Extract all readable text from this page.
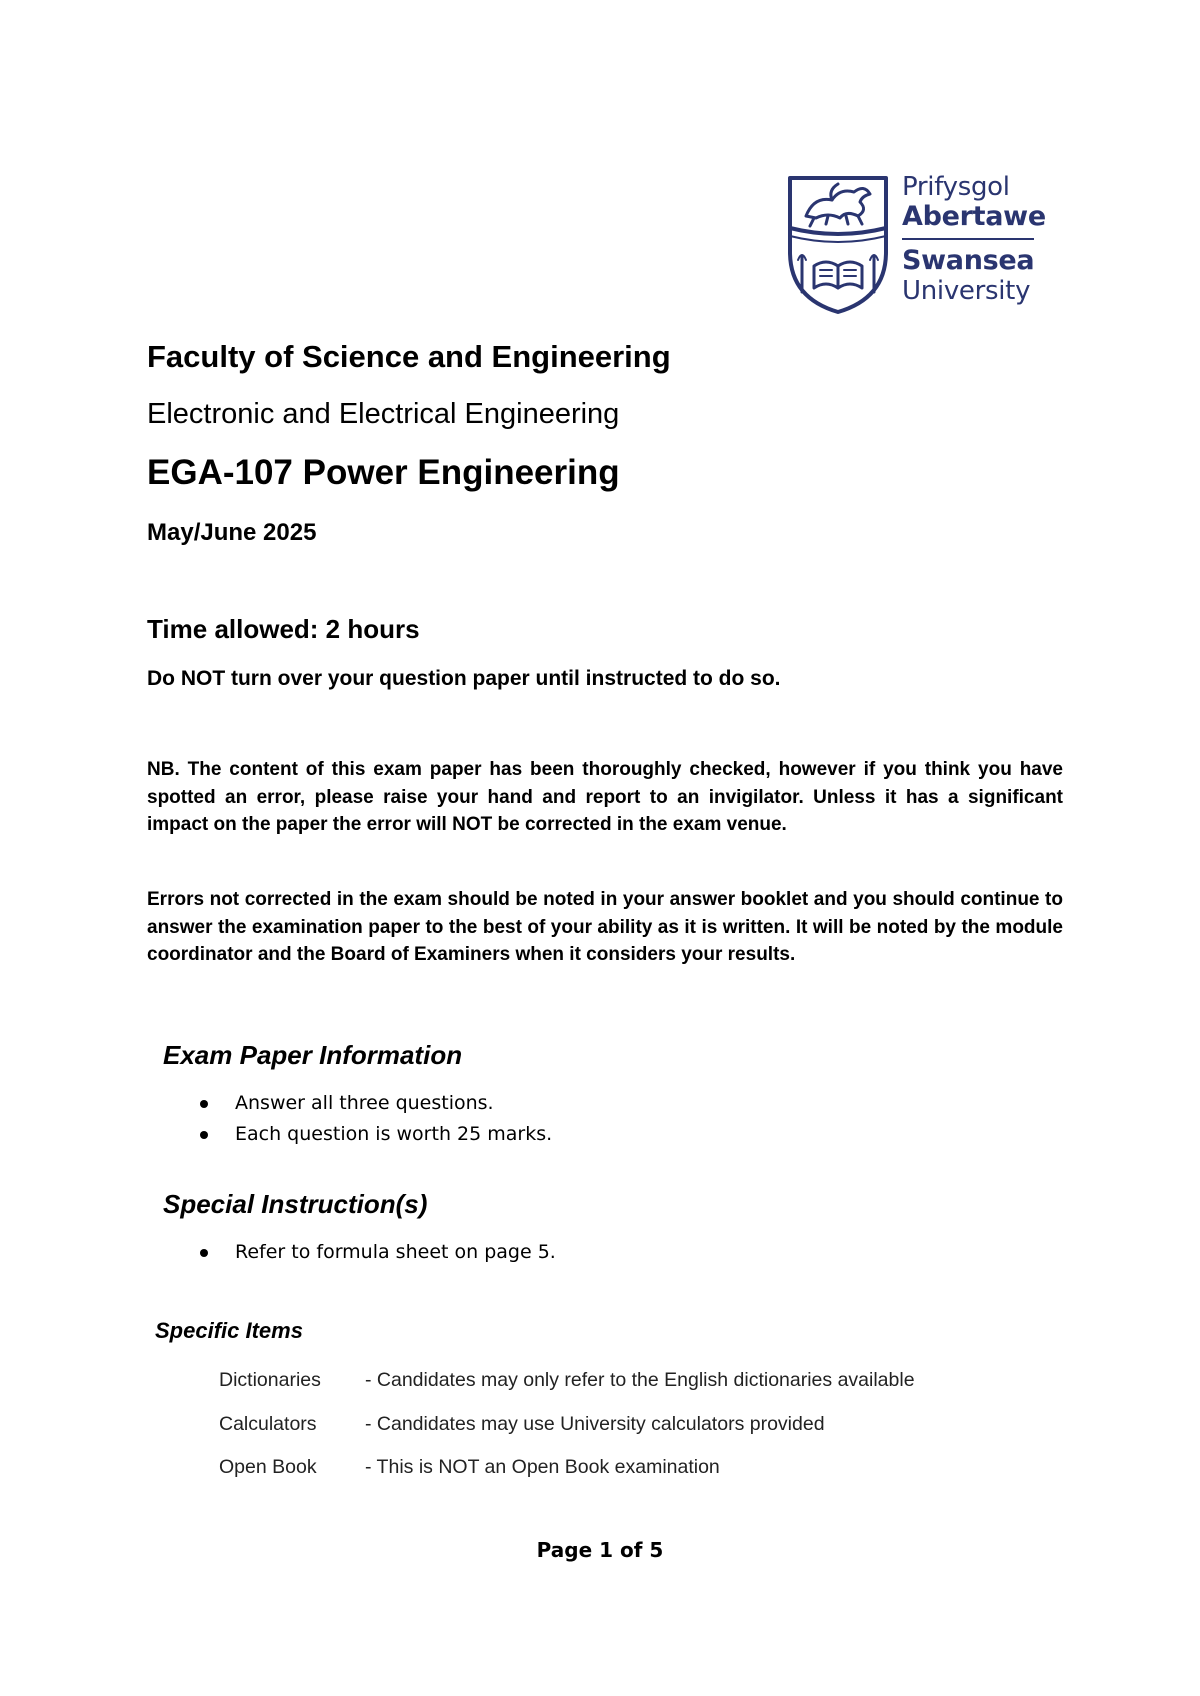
Prifysgol
Abertawe
Swansea
University
Faculty of Science and Engineering
Electronic and Electrical Engineering
EGA-107 Power Engineering
May/June 2025
Time allowed: 2 hours
Do NOT turn over your question paper until instructed to do so.
NB. The content of this exam paper has been thoroughly checked, however if you think you have spotted an error, please raise your hand and report to an invigilator. Unless it has a significant impact on the paper the error will NOT be corrected in the exam venue.
Errors not corrected in the exam should be noted in your answer booklet and you should continue to answer the examination paper to the best of your ability as it is written. It will be noted by the module coordinator and the Board of Examiners when it considers your results.
Exam Paper Information
Answer all three questions.
Each question is worth 25 marks.
Special Instruction(s)
Refer to formula sheet on page 5.
Specific Items
Dictionaries	- Candidates may only refer to the English dictionaries available
Calculators	- Candidates may use University calculators provided
Open Book	- This is NOT an Open Book examination
Page 1 of 5
